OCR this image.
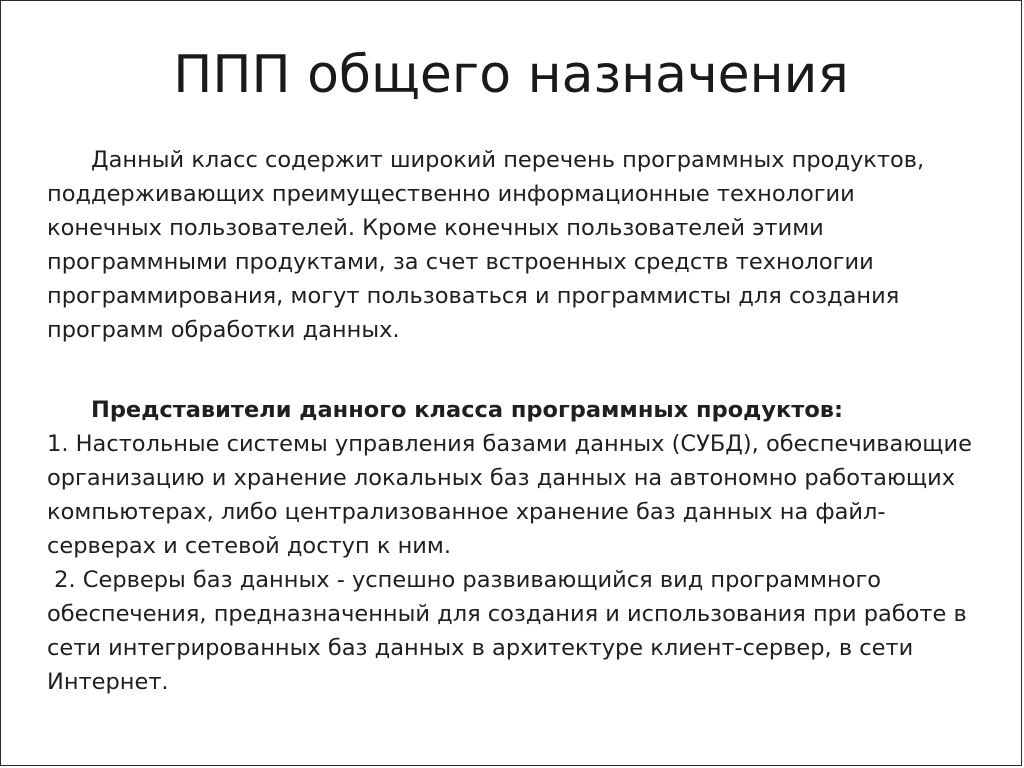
ППП общего назначения
Данный класс содержит широкий перечень программных продуктов,
поддерживающих преимущественно информационные технологии
конечных пользователей. Кроме конечных пользователей этими
программными продуктами, за счет встроенных средств технологии
программирования, могут пользоваться и программисты для создания
программ обработки данных.
Представители данного класса программных продуктов:
1. Настольные системы управления базами данных (СУБД), обеспечивающие
организацию и хранение локальных баз данных на автономно работающих
компьютерах, либо централизованное хранение баз данных на файл-
серверах и сетевой доступ к ним.
2. Серверы баз данных - успешно развивающийся вид программного
обеспечения, предназначенный для создания и использования при работе в
сети интегрированных баз данных в архитектуре клиент-сервер, в сети
Интернет.
